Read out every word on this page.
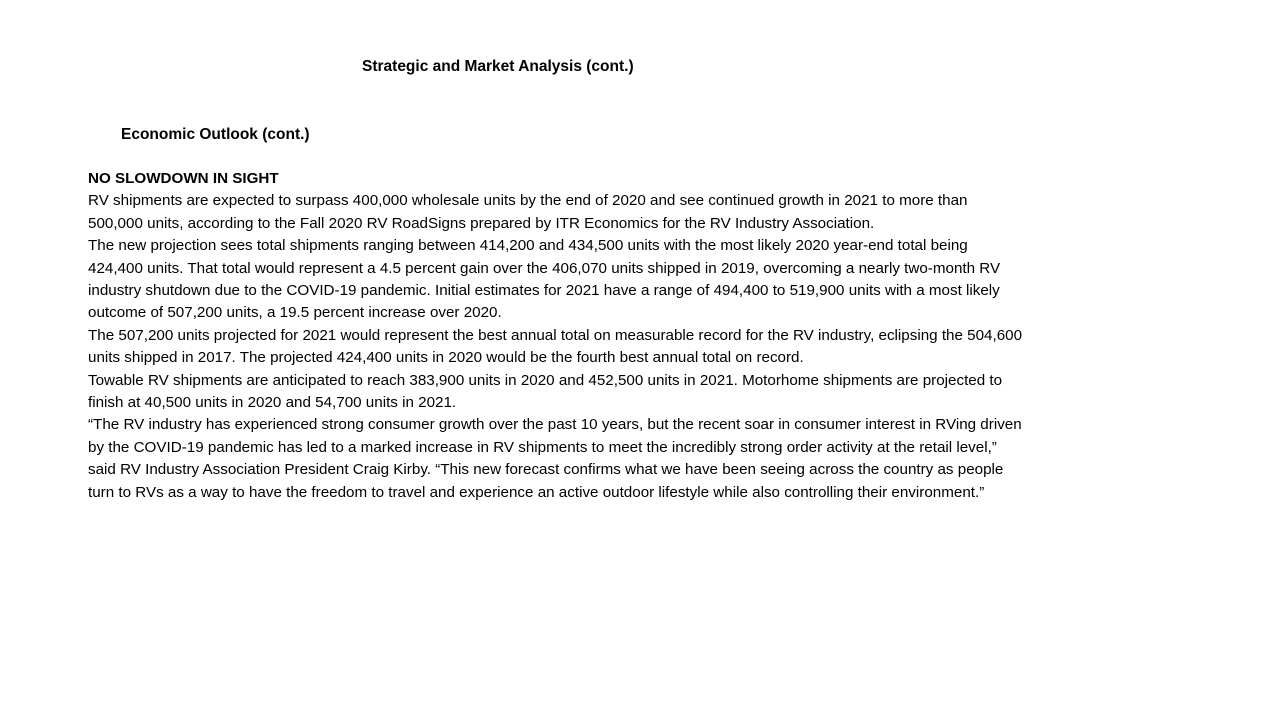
Strategic and Market Analysis (cont.)
Economic Outlook (cont.)

NO SLOWDOWN IN SIGHT

RV shipments are expected to surpass 400,000 wholesale units by the end of 2020 and see continued growth in 2021 to more than 500,000 units, according to the Fall 2020 RV RoadSigns prepared by ITR Economics for the RV Industry Association.

The new projection sees total shipments ranging between 414,200 and 434,500 units with the most likely 2020 year-end total being 424,400 units. That total would represent a 4.5 percent gain over the 406,070 units shipped in 2019, overcoming a nearly two-month RV industry shutdown due to the COVID-19 pandemic. Initial estimates for 2021 have a range of 494,400 to 519,900 units with a most likely outcome of 507,200 units, a 19.5 percent increase over 2020.

The 507,200 units projected for 2021 would represent the best annual total on measurable record for the RV industry, eclipsing the 504,600 units shipped in 2017. The projected 424,400 units in 2020 would be the fourth best annual total on record.

Towable RV shipments are anticipated to reach 383,900 units in 2020 and 452,500 units in 2021. Motorhome shipments are projected to finish at 40,500 units in 2020 and 54,700 units in 2021.

“The RV industry has experienced strong consumer growth over the past 10 years, but the recent soar in consumer interest in RVing driven by the COVID-19 pandemic has led to a marked increase in RV shipments to meet the incredibly strong order activity at the retail level,” said RV Industry Association President Craig Kirby. “This new forecast confirms what we have been seeing across the country as people turn to RVs as a way to have the freedom to travel and experience an active outdoor lifestyle while also controlling their environment.”
